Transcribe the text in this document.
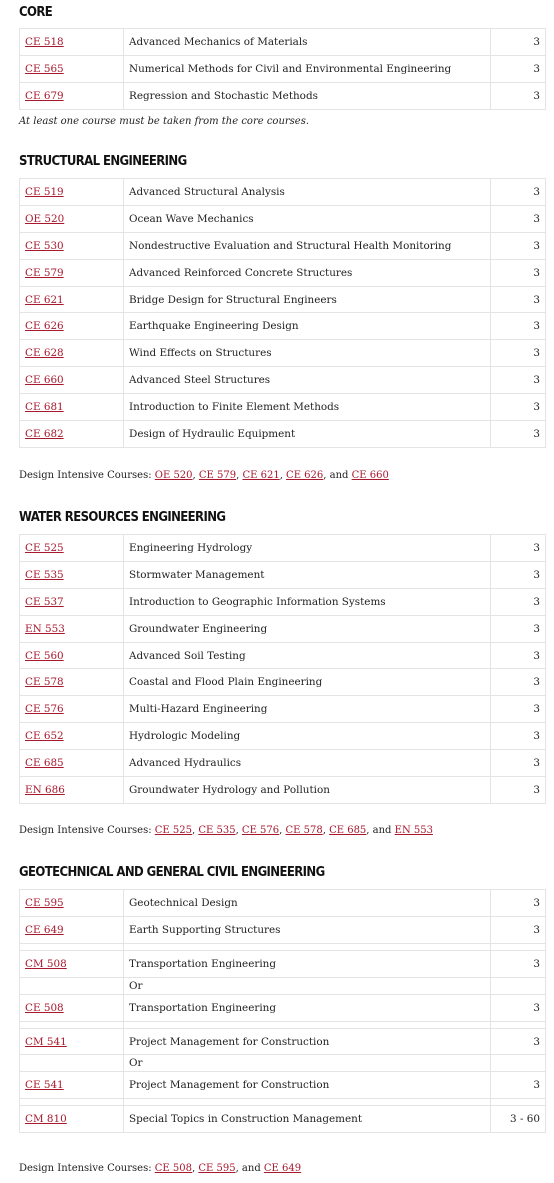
CORE
CE 518	Advanced Mechanics of Materials	3
CE 565	Numerical Methods for Civil and Environmental Engineering	3
CE 679	Regression and Stochastic Methods	3

At least one course must be taken from the core courses.

STRUCTURAL ENGINEERING
CE 519	Advanced Structural Analysis	3
OE 520	Ocean Wave Mechanics	3
CE 530	Nondestructive Evaluation and Structural Health Monitoring	3
CE 579	Advanced Reinforced Concrete Structures	3
CE 621	Bridge Design for Structural Engineers	3
CE 626	Earthquake Engineering Design	3
CE 628	Wind Effects on Structures	3
CE 660	Advanced Steel Structures	3
CE 681	Introduction to Finite Element Methods	3
CE 682	Design of Hydraulic Equipment	3

Design Intensive Courses: OE 520, CE 579, CE 621, CE 626, and CE 660

WATER RESOURCES ENGINEERING
CE 525	Engineering Hydrology	3
CE 535	Stormwater Management	3
CE 537	Introduction to Geographic Information Systems	3
EN 553	Groundwater Engineering	3
CE 560	Advanced Soil Testing	3
CE 578	Coastal and Flood Plain Engineering	3
CE 576	Multi-Hazard Engineering	3
CE 652	Hydrologic Modeling	3
CE 685	Advanced Hydraulics	3
EN 686	Groundwater Hydrology and Pollution	3

Design Intensive Courses: CE 525, CE 535, CE 576, CE 578, CE 685, and EN 553

GEOTECHNICAL AND GENERAL CIVIL ENGINEERING
CE 595	Geotechnical Design	3
CE 649	Earth Supporting Structures	3

CM 508	Transportation Engineering	3
	Or	
CE 508	Transportation Engineering	3

CM 541	Project Management for Construction	3
	Or	
CE 541	Project Management for Construction	3

CM 810	Special Topics in Construction Management	3 - 60

Design Intensive Courses: CE 508, CE 595, and CE 649
